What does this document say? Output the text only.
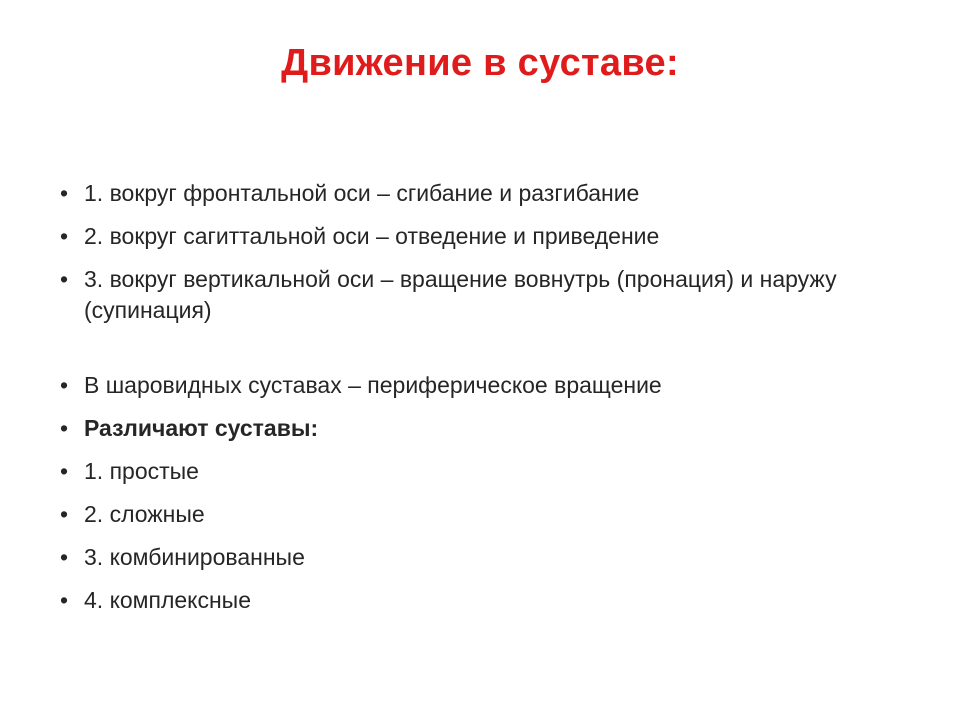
Движение в суставе:
• 1. вокруг фронтальной оси – сгибание и разгибание
• 2. вокруг сагиттальной оси – отведение и приведение
• 3. вокруг вертикальной оси – вращение вовнутрь (пронация) и наружу (супинация)
• В шаровидных суставах – периферическое вращение
• Различают суставы:
• 1. простые
• 2. сложные
• 3. комбинированные
• 4. комплексные
